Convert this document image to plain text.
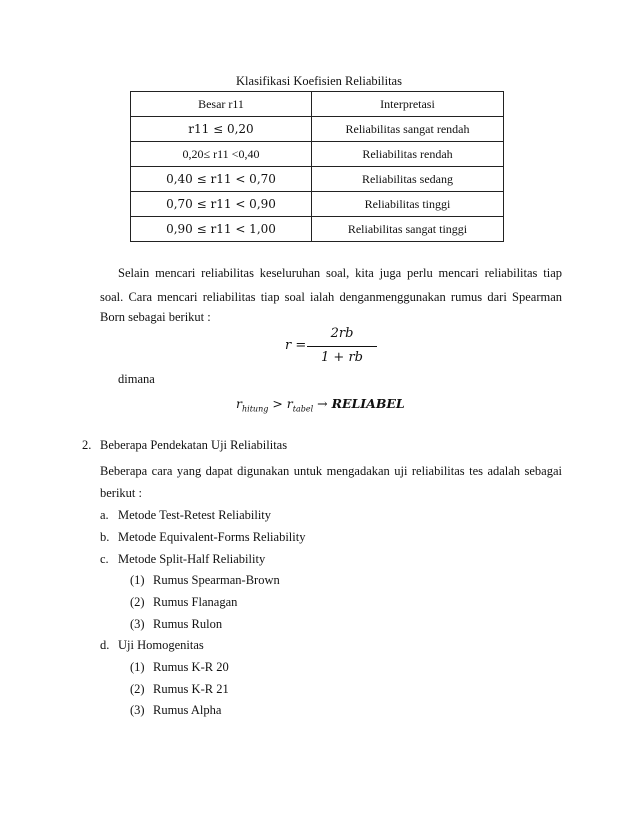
Klasifikasi Koefisien Reliabilitas
Besar r11	Interpretasi
r11 ≤ 0,20	Reliabilitas sangat rendah
0,20≤ r11 <0,40	Reliabilitas rendah
0,40 ≤ r11 < 0,70	Reliabilitas sedang
0,70 ≤ r11 < 0,90	Reliabilitas tinggi
0,90 ≤ r11 < 1,00	Reliabilitas sangat tinggi
Selain mencari reliabilitas keseluruhan soal, kita juga perlu mencari reliabilitas tiap
soal. Cara mencari reliabilitas tiap soal ialah denganmenggunakan rumus dari Spearman
Born sebagai berikut :
r =
2rb
1 + rb
dimana
$r_{hitung} > r_{tabel}$ → RELIABEL
2. Beberapa Pendekatan Uji Reliabilitas
Beberapa cara yang dapat digunakan untuk mengadakan uji reliabilitas tes adalah sebagai
berikut :
a. Metode Test-Retest Reliability
b. Metode Equivalent-Forms Reliability
c. Metode Split-Half Reliability
(1) Rumus Spearman-Brown
(2) Rumus Flanagan
(3) Rumus Rulon
d. Uji Homogenitas
(1) Rumus K-R 20
(2) Rumus K-R 21
(3) Rumus Alpha
